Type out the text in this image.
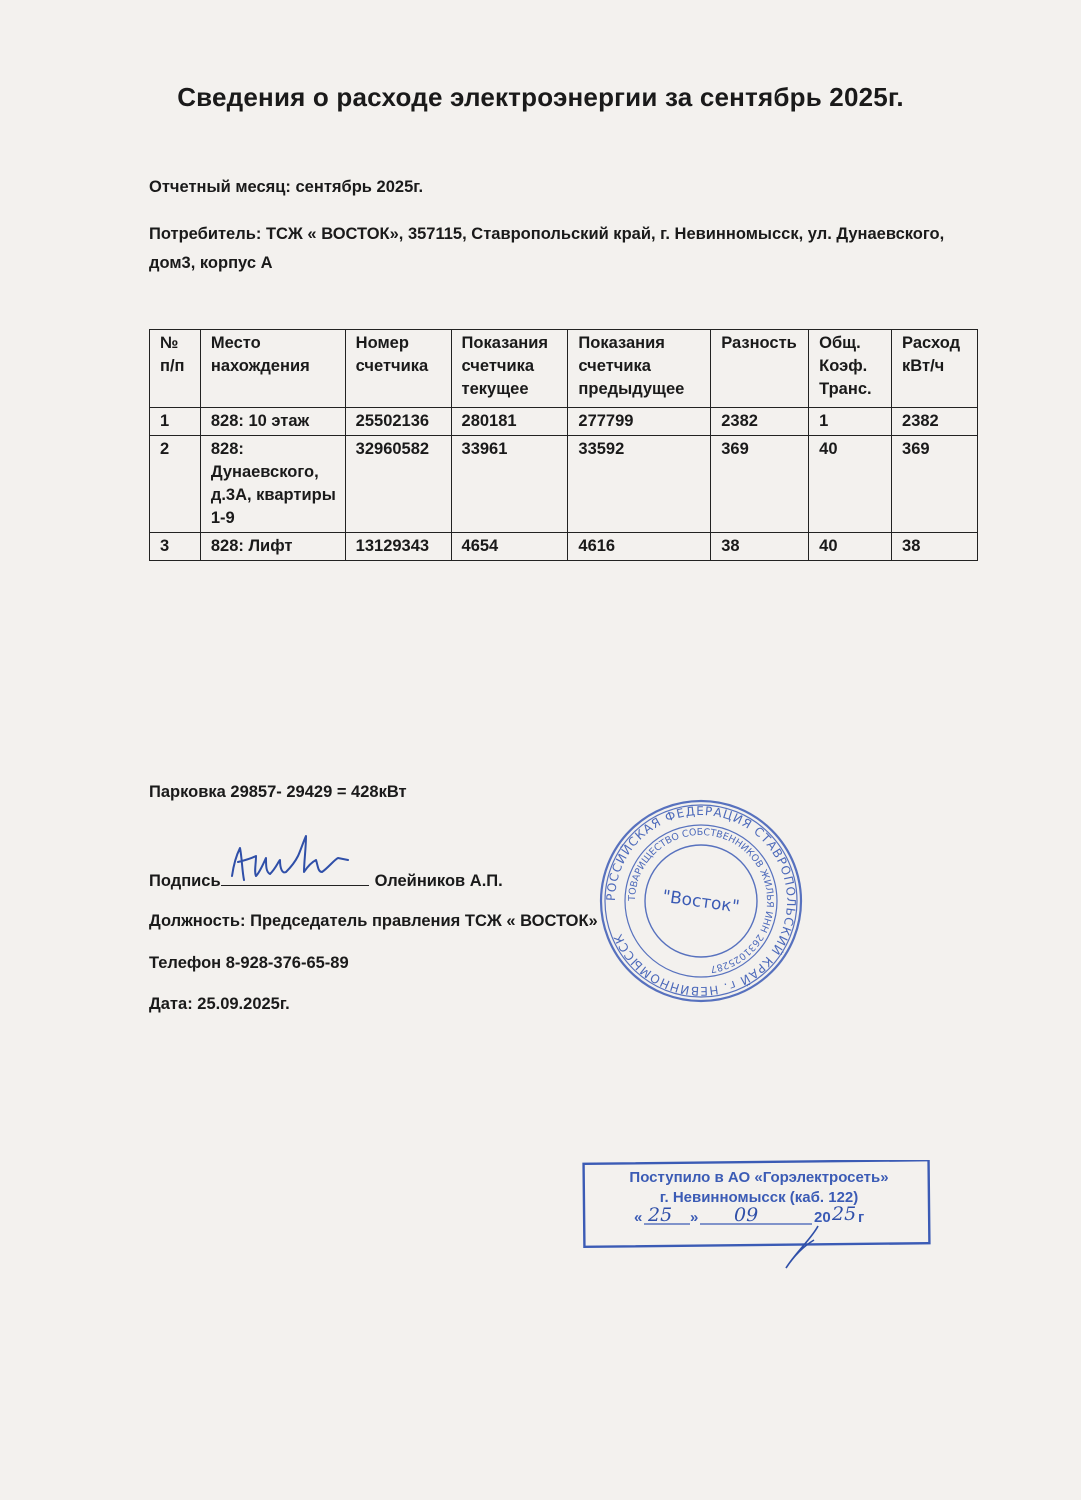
Сведения о расходе электроэнергии за сентябрь 2025г.
Отчетный месяц: сентябрь 2025г.
Потребитель: ТСЖ « ВОСТОК», 357115, Ставропольский край, г. Невинномысск, ул. Дунаевского, дом3, корпус А
№ п/п	Место нахождения	Номер счетчика	Показания счетчика текущее	Показания счетчика предыдущее	Разность	Общ. Коэф. Транс.	Расход кВт/ч
1	828: 10 этаж	25502136	280181	277799	2382	1	2382
2	828: Дунаевского, д.3А, квартиры 1-9	32960582	33961	33592	369	40	369
3	828: Лифт	13129343	4654	4616	38	40	38
Парковка 29857- 29429 = 428кВт
Подпись	Олейников А.П.
Должность: Председатель правления ТСЖ « ВОСТОК»
Телефон 8-928-376-65-89
Дата: 25.09.2025г.
РОССИЙСКАЯ ФЕДЕРАЦИЯ СТАВРОПОЛЬСКИЙ КРАЙ г. НЕВИННОМЫССК
ТОВАРИЩЕСТВО СОБСТВЕННИКОВ ЖИЛЬЯ ИНН 2631025287
"Восток"
Поступило в АО «Горэлектросеть»
г. Невинномысск (каб. 122)
« 25 » 09	20 25 г
